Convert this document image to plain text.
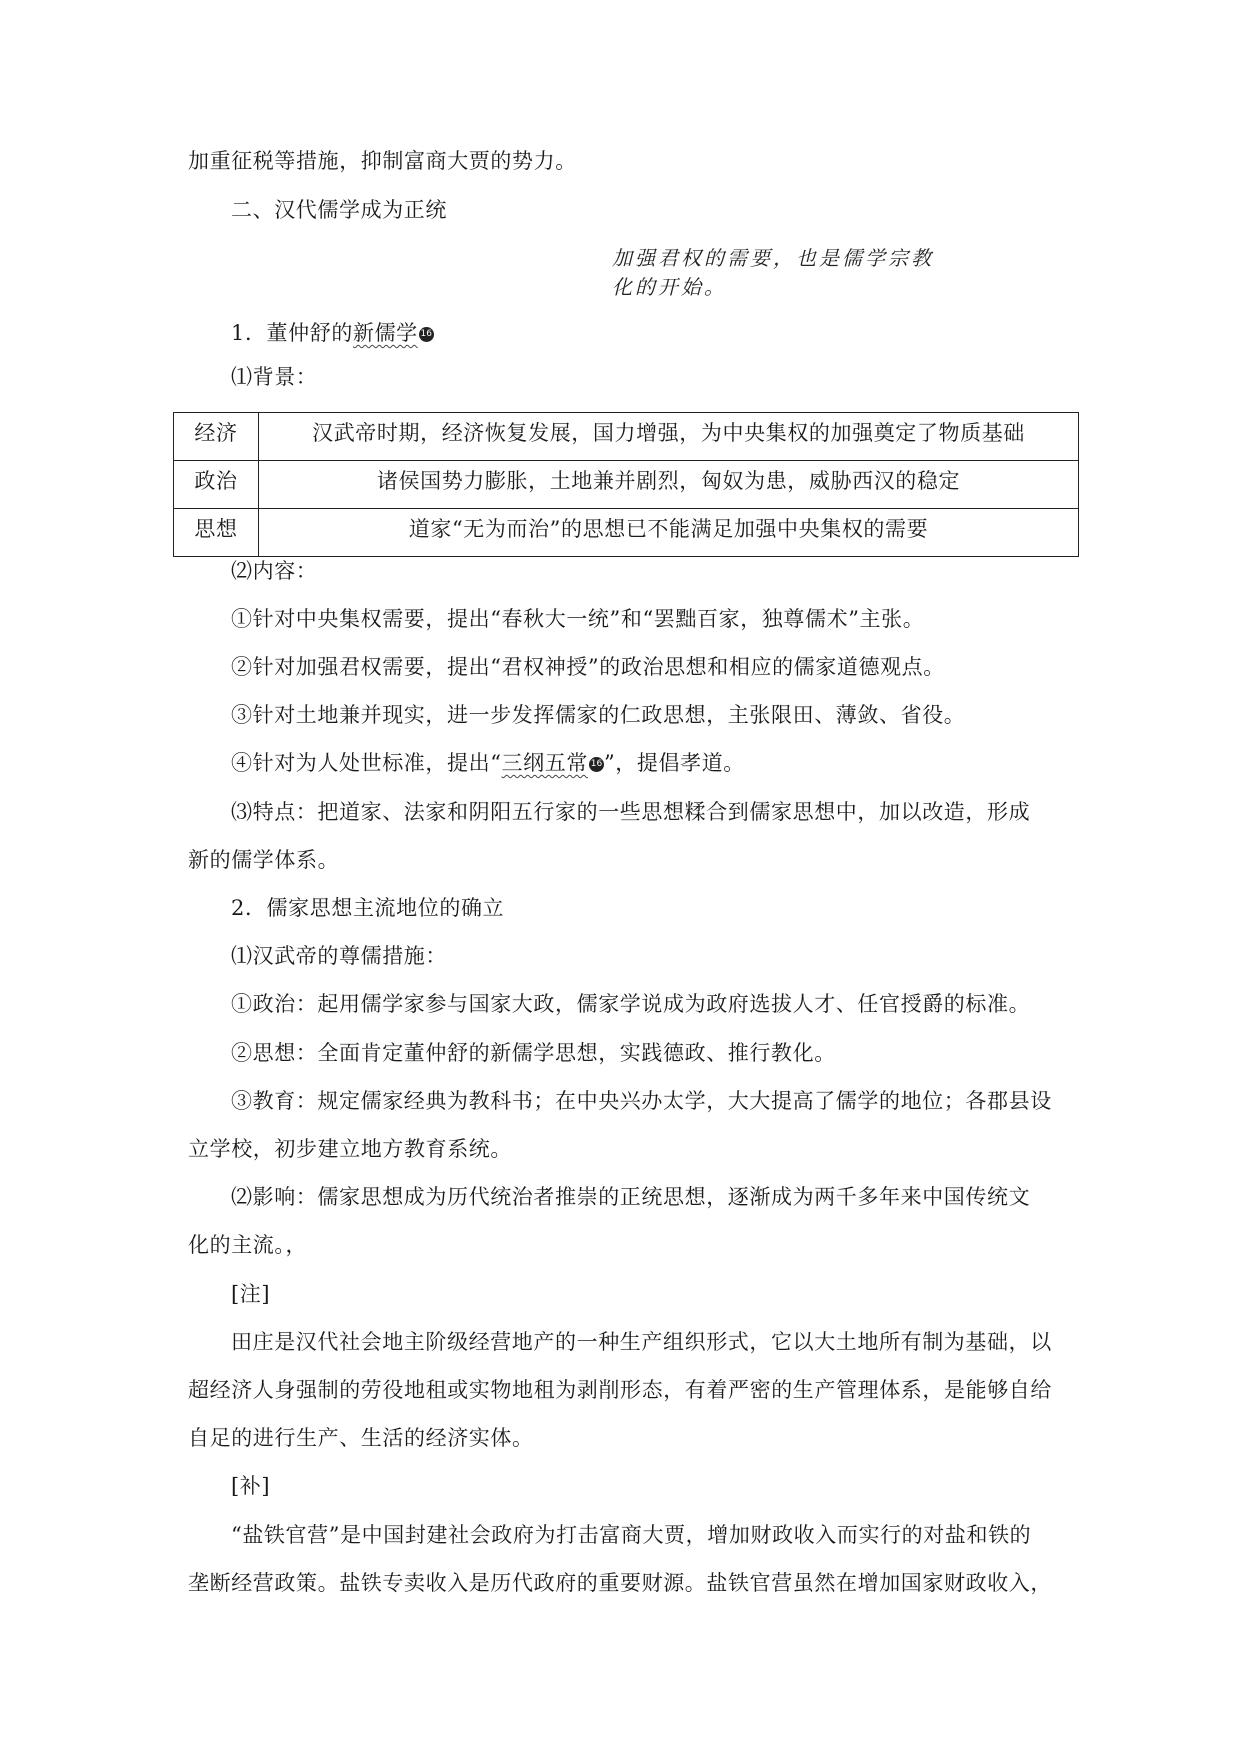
加重征税等措施，抑制富商大贾的势力。
二、汉代儒学成为正统
加强君权的需要，也是儒学宗教
化的开始。
1．董仲舒的新儒学 16
⑴背景：
经济	汉武帝时期，经济恢复发展，国力增强，为中央集权的加强奠定了物质基础
政治	诸侯国势力膨胀，土地兼并剧烈，匈奴为患，威胁西汉的稳定
思想	道家“无为而治”的思想已不能满足加强中央集权的需要
⑵内容：
①针对中央集权需要，提出“春秋大一统”和“罢黜百家，独尊儒术”主张。
②针对加强君权需要，提出“君权神授”的政治思想和相应的儒家道德观点。
③针对土地兼并现实，进一步发挥儒家的仁政思想，主张限田、薄敛、省役。
④针对为人处世标准，提出“三纲五常 16”，提倡孝道。
⑶特点：把道家、法家和阴阳五行家的一些思想糅合到儒家思想中，加以改造，形成
新的儒学体系。
2．儒家思想主流地位的确立
⑴汉武帝的尊儒措施：
①政治：起用儒学家参与国家大政，儒家学说成为政府选拔人才、任官授爵的标准。
②思想：全面肯定董仲舒的新儒学思想，实践德政、推行教化。
③教育：规定儒家经典为教科书；在中央兴办太学，大大提高了儒学的地位；各郡县设
立学校，初步建立地方教育系统。
⑵影响：儒家思想成为历代统治者推崇的正统思想，逐渐成为两千多年来中国传统文
化的主流。，
[注]
田庄是汉代社会地主阶级经营地产的一种生产组织形式，它以大土地所有制为基础，以
超经济人身强制的劳役地租或实物地租为剥削形态，有着严密的生产管理体系，是能够自给
自足的进行生产、生活的经济实体。
[补]
“盐铁官营”是中国封建社会政府为打击富商大贾，增加财政收入而实行的对盐和铁的
垄断经营政策。盐铁专卖收入是历代政府的重要财源。盐铁官营虽然在增加国家财政收入，
